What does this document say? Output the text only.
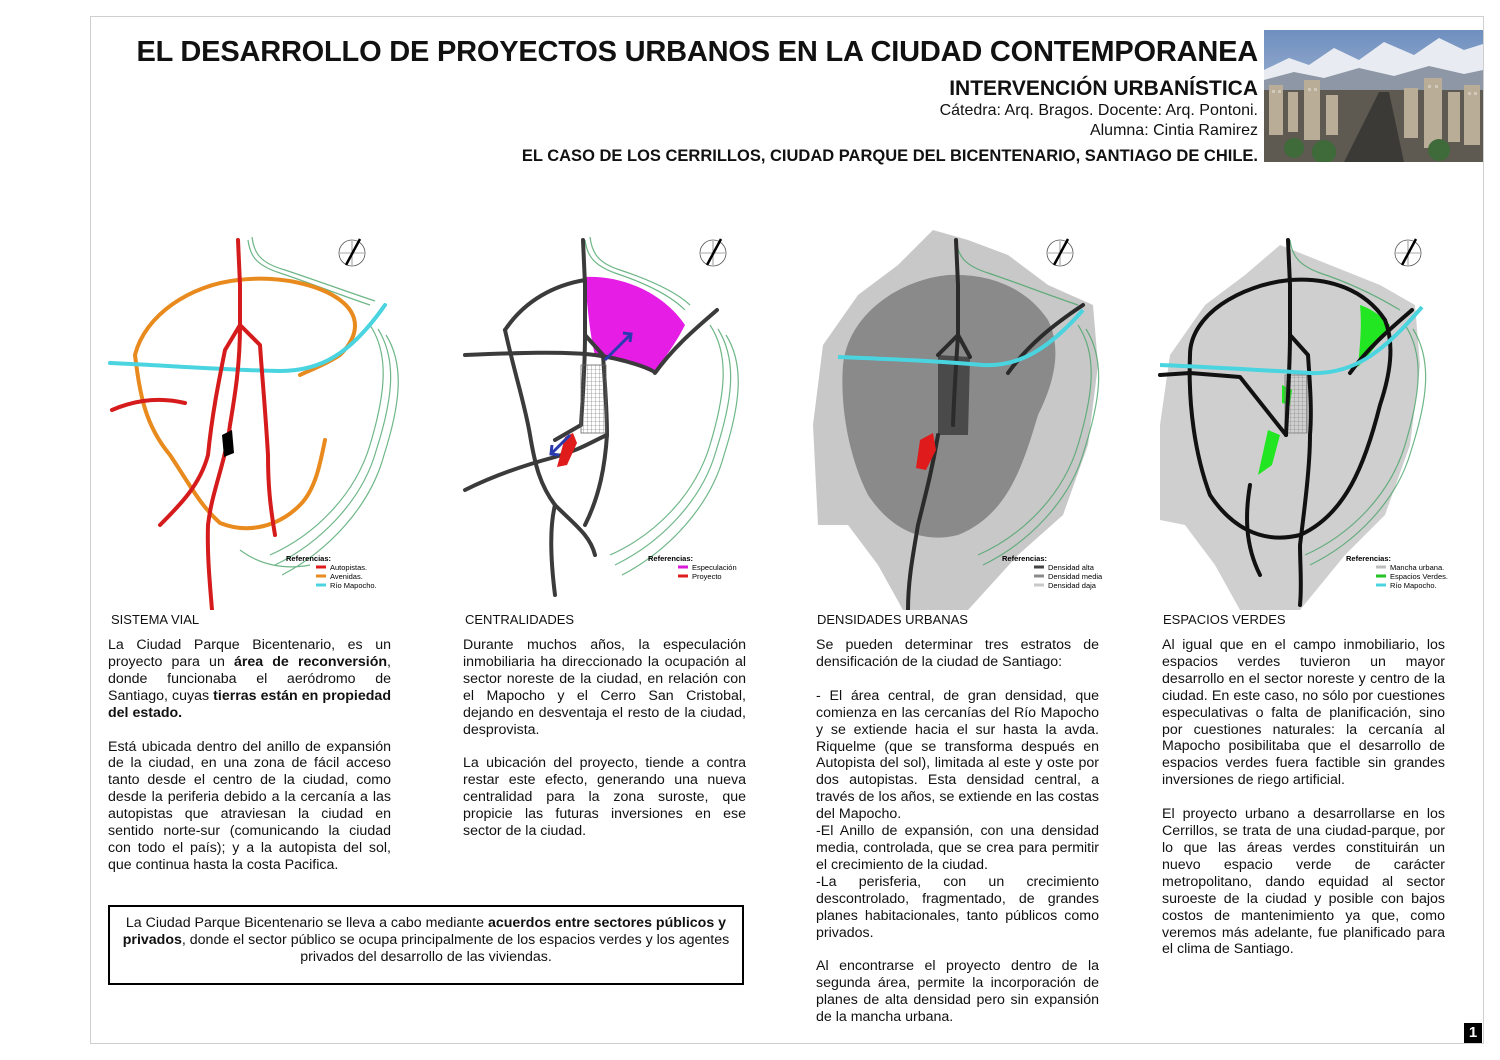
EL DESARROLLO DE PROYECTOS URBANOS EN LA CIUDAD CONTEMPORANEA
INTERVENCIÓN URBANÍSTICA
Cátedra: Arq. Bragos. Docente: Arq. Pontoni.
Alumna: Cintia Ramirez
EL CASO DE LOS CERRILLOS, CIUDAD PARQUE DEL BICENTENARIO, SANTIAGO DE CHILE.
Referencias:
Autopistas.
Avenidas.
Río Mapocho.
Referencias:
Especulación
Proyecto
Referencias:
Densidad alta
Densidad media
Densidad daja
Referencias:
Mancha urbana.
Espacios Verdes.
Río Mapocho.
SISTEMA VIAL	CENTRALIDADES	DENSIDADES URBANAS	ESPACIOS VERDES

La Ciudad Parque Bicentenario, es un proyecto para un área de reconversión, donde funcionaba el aeródromo de Santiago, cuyas tierras están en propiedad del estado.

Está ubicada dentro del anillo de expansión de la ciudad, en una zona de fácil acceso tanto desde el centro de la ciudad, como desde la periferia debido a la cercanía a las autopistas que atraviesan la ciudad en sentido norte-sur (comunicando la ciudad con todo el país); y a la autopista del sol, que continua hasta la costa Pacifica.

Durante muchos años, la especulación inmobiliaria ha direccionado la ocupación al sector noreste de la ciudad, en relación con el Mapocho y el Cerro San Cristobal, dejando en desventaja el resto de la ciudad, desprovista.

La ubicación del proyecto, tiende a contra restar este efecto, generando una nueva centralidad para la zona suroste, que propicie las futuras inversiones en ese sector de la ciudad.

Se pueden determinar tres estratos de densificación de la ciudad de Santiago:

- El área central, de gran densidad, que comienza en las cercanías del Río Mapocho y se extiende hacia el sur hasta la avda. Riquelme (que se transforma después en Autopista del sol), limitada al este y oste por dos autopistas. Esta densidad central, a través de los años, se extiende en las costas del Mapocho.

-El Anillo de expansión, con una densidad media, controlada, que se crea para permitir el crecimiento de la ciudad.

-La perisferia, con un crecimiento descontrolado, fragmentado, de grandes planes habitacionales, tanto públicos como privados.

Al encontrarse el proyecto dentro de la segunda área, permite la incorporación de planes de alta densidad pero sin expansión de la mancha urbana.

Al igual que en el campo inmobiliario, los espacios verdes tuvieron un mayor desarrollo en el sector noreste y centro de la ciudad. En este caso, no sólo por cuestiones especulativas o falta de planificación, sino por cuestiones naturales: la cercanía al Mapocho posibilitaba que el desarrollo de espacios verdes fuera factible sin grandes inversiones de riego artificial.

El proyecto urbano a desarrollarse en los Cerrillos, se trata de una ciudad-parque, por lo que las áreas verdes constituirán un nuevo espacio verde de carácter metropolitano, dando equidad al sector suroeste de la ciudad y posible con bajos costos de mantenimiento ya que, como veremos más adelante, fue planificado para el clima de Santiago.

La Ciudad Parque Bicentenario se lleva a cabo mediante acuerdos entre sectores públicos y privados, donde el sector público se ocupa principalmente de los espacios verdes y los agentes privados del desarrollo de las viviendas.
1
